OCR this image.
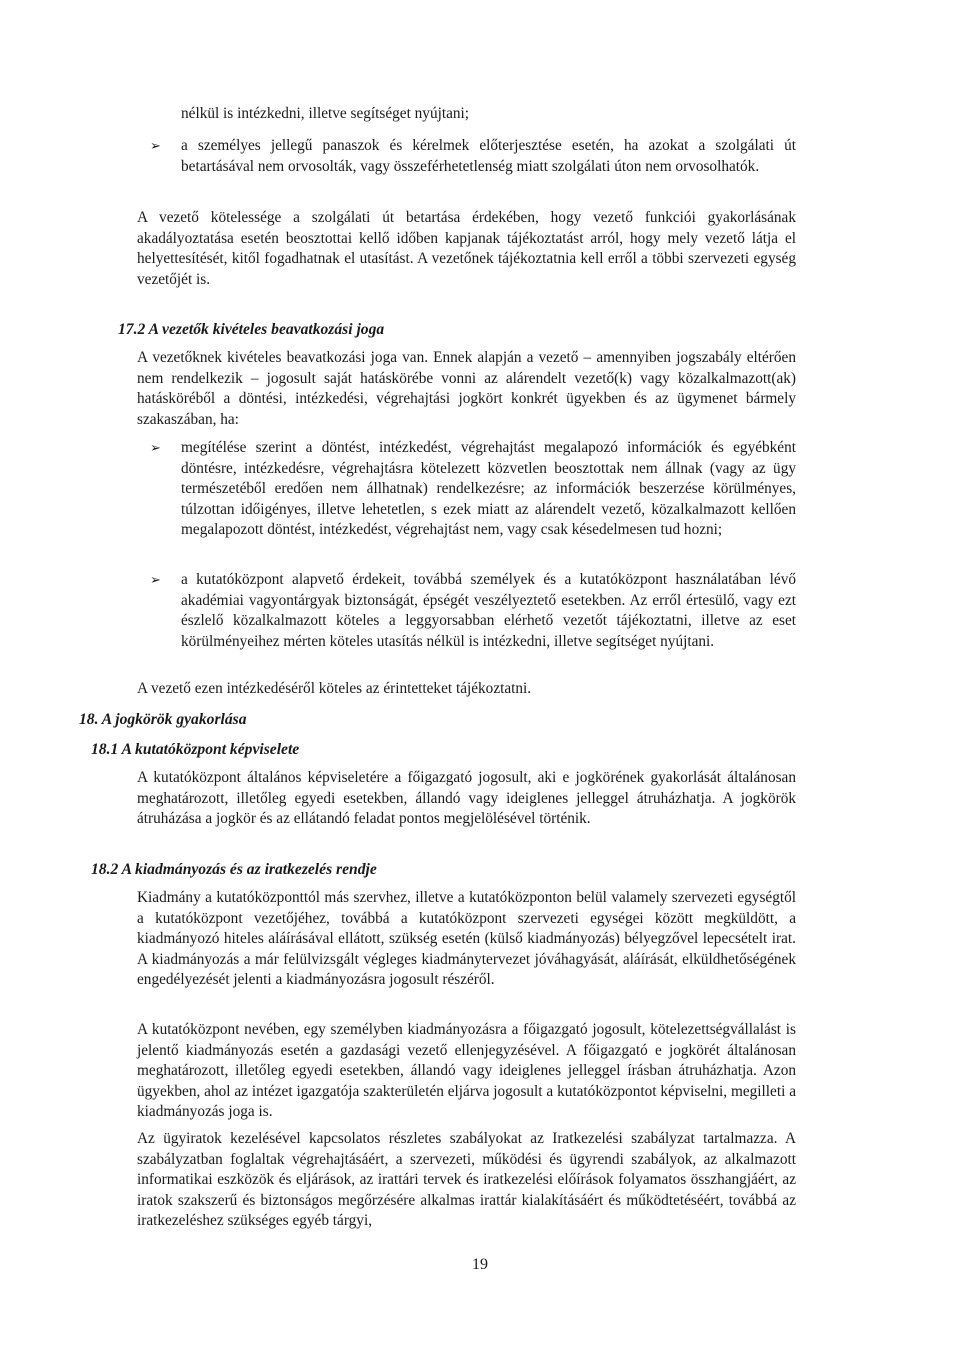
nélkül is intézkedni, illetve segítséget nyújtani;

➢ a személyes jellegű panaszok és kérelmek előterjesztése esetén, ha azokat a szolgálati út betartásával nem orvosolták, vagy összeférhetetlenség miatt szolgálati úton nem orvosolhatók.

A vezető kötelessége a szolgálati út betartása érdekében, hogy vezető funkciói gyakorlásának akadályoztatása esetén beosztottai kellő időben kapjanak tájékoztatást arról, hogy mely vezető látja el helyettesítését, kitől fogadhatnak el utasítást. A vezetőnek tájékoztatnia kell erről a többi szervezeti egység vezetőjét is.

17.2 A vezetők kivételes beavatkozási joga

A vezetőknek kivételes beavatkozási joga van. Ennek alapján a vezető – amennyiben jogszabály eltérően nem rendelkezik – jogosult saját hatáskörébe vonni az alárendelt vezető(k) vagy közalkalmazott(ak) hatásköréből a döntési, intézkedési, végrehajtási jogkört konkrét ügyekben és az ügymenet bármely szakaszában, ha:

➢ megítélése szerint a döntést, intézkedést, végrehajtást megalapozó információk és egyébként döntésre, intézkedésre, végrehajtásra kötelezett közvetlen beosztottak nem állnak (vagy az ügy természetéből eredően nem állhatnak) rendelkezésre; az információk beszerzése körülményes, túlzottan időigényes, illetve lehetetlen, s ezek miatt az alárendelt vezető, közalkalmazott kellően megalapozott döntést, intézkedést, végrehajtást nem, vagy csak késedelmesen tud hozni;

➢ a kutatóközpont alapvető érdekeit, továbbá személyek és a kutatóközpont használatában lévő akadémiai vagyontárgyak biztonságát, épségét veszélyeztető esetekben. Az erről értesülő, vagy ezt észlelő közalkalmazott köteles a leggyorsabban elérhető vezetőt tájékoztatni, illetve az eset körülményeihez mérten köteles utasítás nélkül is intézkedni, illetve segítséget nyújtani.

A vezető ezen intézkedéséről köteles az érintetteket tájékoztatni.

18. A jogkörök gyakorlása
18.1 A kutatóközpont képviselete

A kutatóközpont általános képviseletére a főigazgató jogosult, aki e jogkörének gyakorlását általánosan meghatározott, illetőleg egyedi esetekben, állandó vagy ideiglenes jelleggel átruházhatja. A jogkörök átruházása a jogkör és az ellátandó feladat pontos megjelölésével történik.

18.2 A kiadmányozás és az iratkezelés rendje

Kiadmány a kutatóközponttól más szervhez, illetve a kutatóközponton belül valamely szervezeti egységtől a kutatóközpont vezetőjéhez, továbbá a kutatóközpont szervezeti egységei között megküldött, a kiadmányozó hiteles aláírásával ellátott, szükség esetén (külső kiadmányozás) bélyegzővel lepecsételt irat. A kiadmányozás a már felülvizsgált végleges kiadmánytervezet jóváhagyását, aláírását, elküldhetőségének engedélyezését jelenti a kiadmányozásra jogosult részéről.

A kutatóközpont nevében, egy személyben kiadmányozásra a főigazgató jogosult, kötelezettségvállalást is jelentő kiadmányozás esetén a gazdasági vezető ellenjegyzésével. A főigazgató e jogkörét általánosan meghatározott, illetőleg egyedi esetekben, állandó vagy ideiglenes jelleggel írásban átruházhatja. Azon ügyekben, ahol az intézet igazgatója szakterületén eljárva jogosult a kutatóközpontot képviselni, megilleti a kiadmányozás joga is.

Az ügyiratok kezelésével kapcsolatos részletes szabályokat az Iratkezelési szabályzat tartalmazza. A szabályzatban foglaltak végrehajtásáért, a szervezeti, működési és ügyrendi szabályok, az alkalmazott informatikai eszközök és eljárások, az irattári tervek és iratkezelési előírások folyamatos összhangjáért, az iratok szakszerű és biztonságos megőrzésére alkalmas irattár kialakításáért és működtetéséért, továbbá az iratkezeléshez szükséges egyéb tárgyi,

19
